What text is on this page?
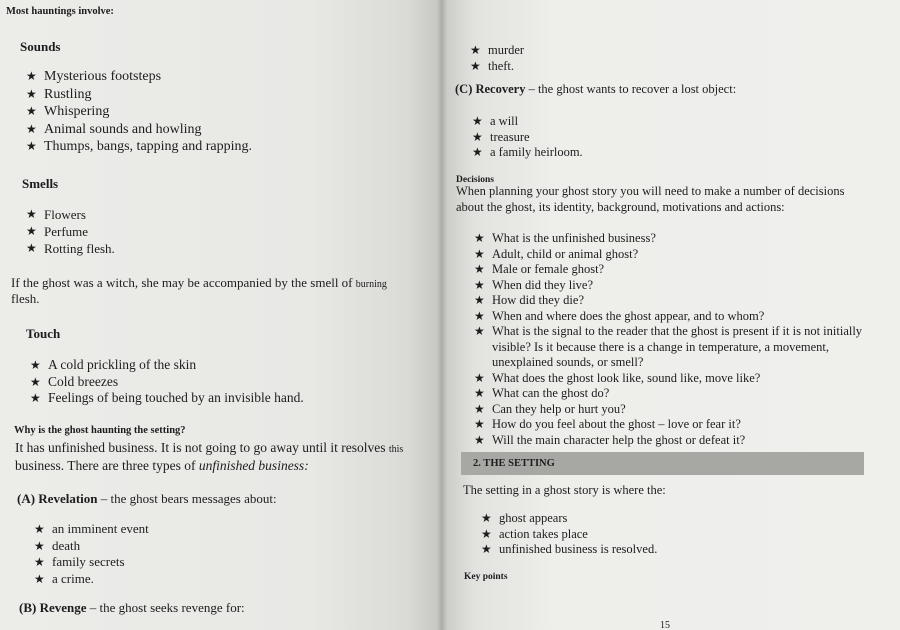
Most hauntings involve:
Sounds
★ Mysterious footsteps
★ Rustling
★ Whispering
★ Animal sounds and howling
★ Thumps, bangs, tapping and rapping.
Smells
★ Flowers
★ Perfume
★ Rotting flesh.
If the ghost was a witch, she may be accompanied by the smell of burning
flesh.
Touch
★ A cold prickling of the skin
★ Cold breezes
★ Feelings of being touched by an invisible hand.
Why is the ghost haunting the setting?
It has unfinished business. It is not going to go away until it resolves this
business. There are three types of unfinished business:
(A) Revelation – the ghost bears messages about:
★ an imminent event
★ death
★ family secrets
★ a crime.
(B) Revenge – the ghost seeks revenge for:
★ murder
★ theft.
(C) Recovery – the ghost wants to recover a lost object:
★ a will
★ treasure
★ a family heirloom.
Decisions
When planning your ghost story you will need to make a number of decisions
about the ghost, its identity, background, motivations and actions:
★ What is the unfinished business?
★ Adult, child or animal ghost?
★ Male or female ghost?
★ When did they live?
★ How did they die?
★ When and where does the ghost appear, and to whom?
★ What is the signal to the reader that the ghost is present if it is not initially visible? Is it because there is a change in temperature, a movement, unexplained sounds, or smell?
★ What does the ghost look like, sound like, move like?
★ What can the ghost do?
★ Can they help or hurt you?
★ How do you feel about the ghost – love or fear it?
★ Will the main character help the ghost or defeat it?
2. THE SETTING
The setting in a ghost story is where the:
★ ghost appears
★ action takes place
★ unfinished business is resolved.
Key points
15
